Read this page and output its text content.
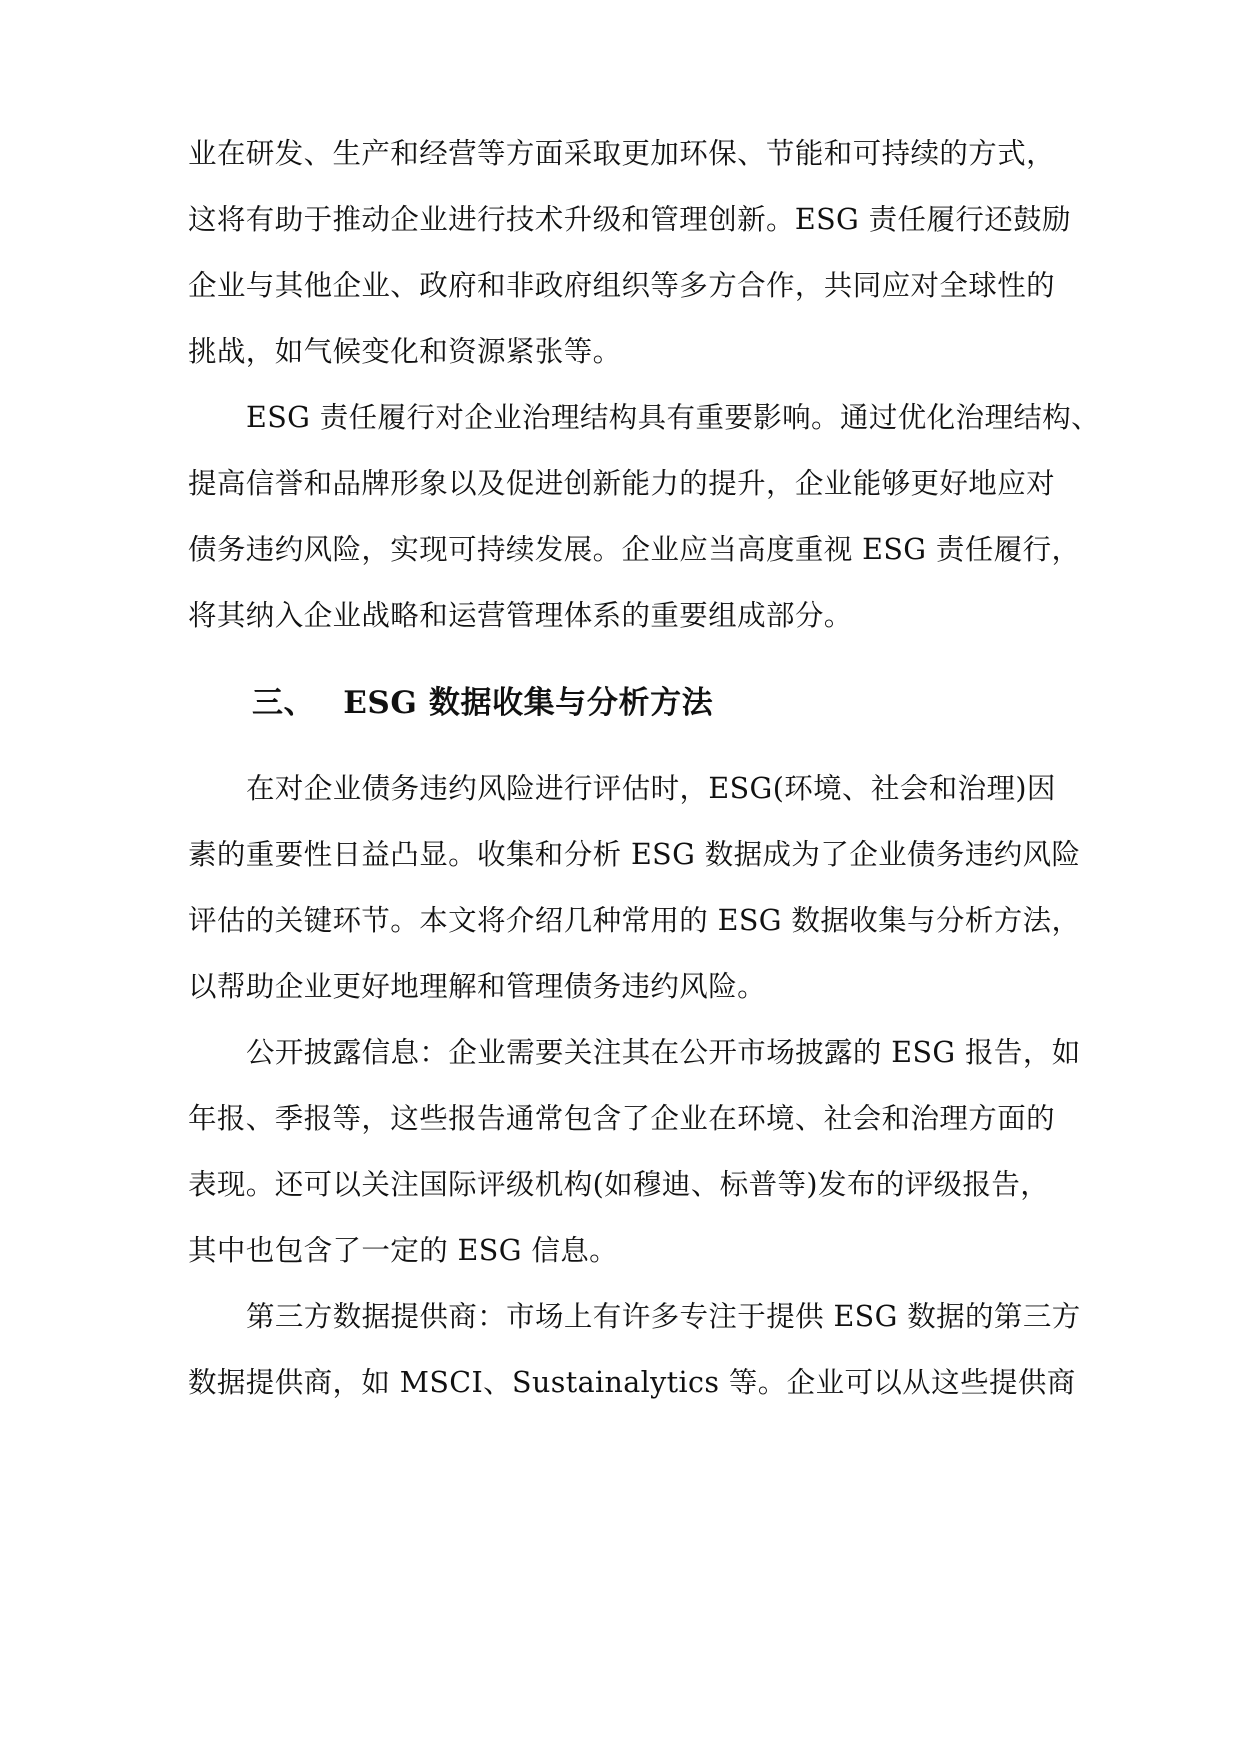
业在研发、生产和经营等方面采取更加环保、节能和可持续的方式，
这将有助于推动企业进行技术升级和管理创新。ESG 责任履行还鼓励
企业与其他企业、政府和非政府组织等多方合作，共同应对全球性的
挑战，如气候变化和资源紧张等。
ESG 责任履行对企业治理结构具有重要影响。通过优化治理结构、
提高信誉和品牌形象以及促进创新能力的提升，企业能够更好地应对
债务违约风险，实现可持续发展。企业应当高度重视 ESG 责任履行，
将其纳入企业战略和运营管理体系的重要组成部分。
三、 ESG 数据收集与分析方法
在对企业债务违约风险进行评估时，ESG(环境、社会和治理)因
素的重要性日益凸显。收集和分析 ESG 数据成为了企业债务违约风险
评估的关键环节。本文将介绍几种常用的 ESG 数据收集与分析方法，
以帮助企业更好地理解和管理债务违约风险。
公开披露信息：企业需要关注其在公开市场披露的 ESG 报告，如
年报、季报等，这些报告通常包含了企业在环境、社会和治理方面的
表现。还可以关注国际评级机构(如穆迪、标普等)发布的评级报告，
其中也包含了一定的 ESG 信息。
第三方数据提供商：市场上有许多专注于提供 ESG 数据的第三方
数据提供商，如 MSCI、Sustainalytics 等。企业可以从这些提供商
